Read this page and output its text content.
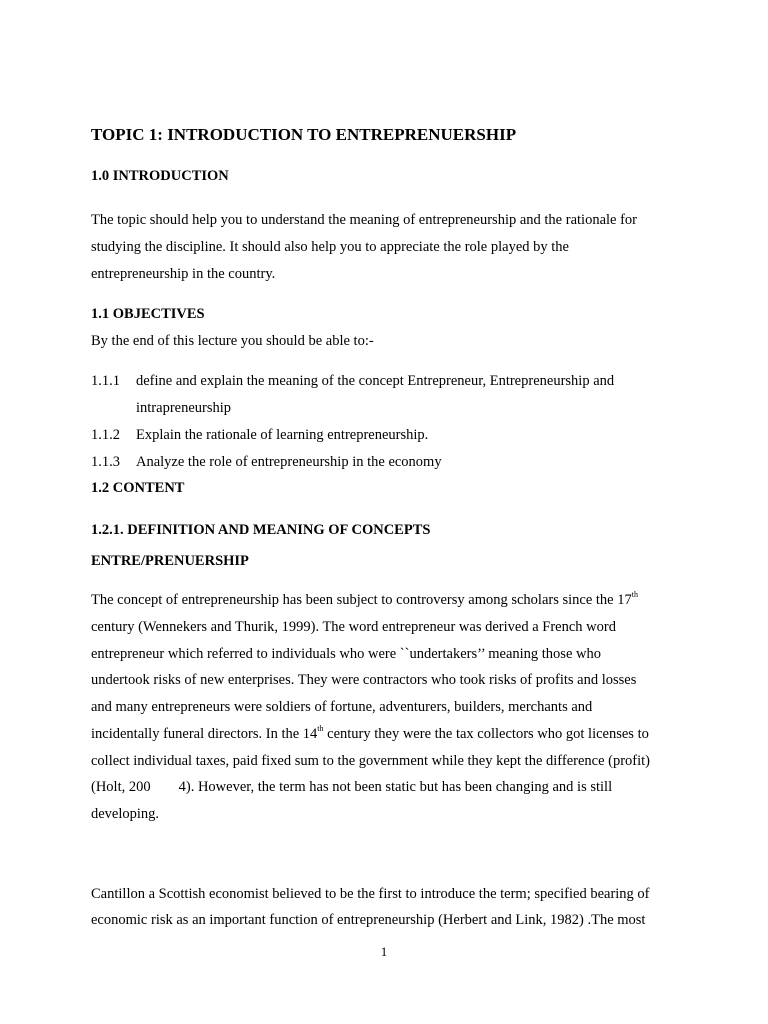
TOPIC 1: INTRODUCTION TO ENTREPRENUERSHIP
1.0 INTRODUCTION
The topic should help you to understand the meaning of entrepreneurship and the rationale for
studying the discipline. It should also help you to appreciate the role played by the
entrepreneurship in the country.
1.1 OBJECTIVES
By the end of this lecture you should be able to:-
1.1.1 define and explain the meaning of the concept Entrepreneur, Entrepreneurship and
intrapreneurship
1.1.2 Explain the rationale of learning entrepreneurship.
1.1.3 Analyze the role of entrepreneurship in the economy
1.2 CONTENT
1.2.1. DEFINITION AND MEANING OF CONCEPTS
ENTRE/PRENUERSHIP
The concept of entrepreneurship has been subject to controversy among scholars since the 17th
century (Wennekers and Thurik, 1999). The word entrepreneur was derived a French word
entrepreneur which referred to individuals who were ``undertakers’’ meaning those who
undertook risks of new enterprises. They were contractors who took risks of profits and losses
and many entrepreneurs were soldiers of fortune, adventurers, builders, merchants and
incidentally funeral directors. In the 14th century they were the tax collectors who got licenses to
collect individual taxes, paid fixed sum to the government while they kept the difference (profit)
(Holt, 200 4). However, the term has not been static but has been changing and is still
developing.
Cantillon a Scottish economist believed to be the first to introduce the term; specified bearing of
economic risk as an important function of entrepreneurship (Herbert and Link, 1982) .The most
1
